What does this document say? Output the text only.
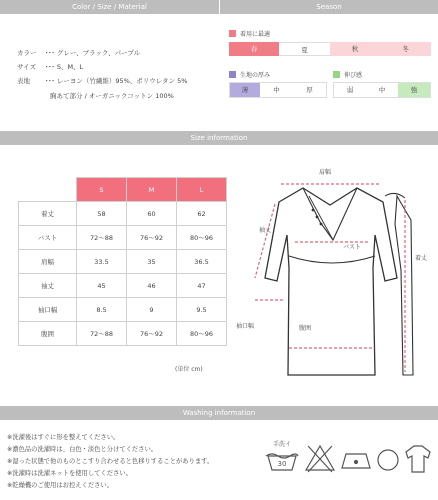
Color / Size / Material	Season
カラー ･･･ グレー、ブラック、パープル
サイズ ･･･ S、M、L
表地 ･･･ レーヨン（竹繊維）95%、ポリウレタン 5%
胸あて部分 / オーガニックコットン 100%
着用に最適
春	夏	秋	冬
生地の厚み
薄	中	厚
伸び感
弱	中	強
Size information
	S	M	L
着丈	58	60	62
バスト	72〜88	76〜92	80〜96
肩幅	33.5	35	36.5
袖丈	45	46	47
袖口幅	8.5	9	9.5
腹囲	72〜88	76〜92	80〜96
(単位 cm)
肩幅
袖丈
バスト
着丈
袖口幅	腹囲
Washing information
※洗濯後はすぐに形を整えてください。
※濃色品の洗濯時は、白色・淡色と分けてください。
※湿った状態で他のものとこすり合わせると色移りすることがあります。
※洗濯時は洗濯ネットを使用してください。
※乾燥機のご使用はお控えください。
手洗イ
30
